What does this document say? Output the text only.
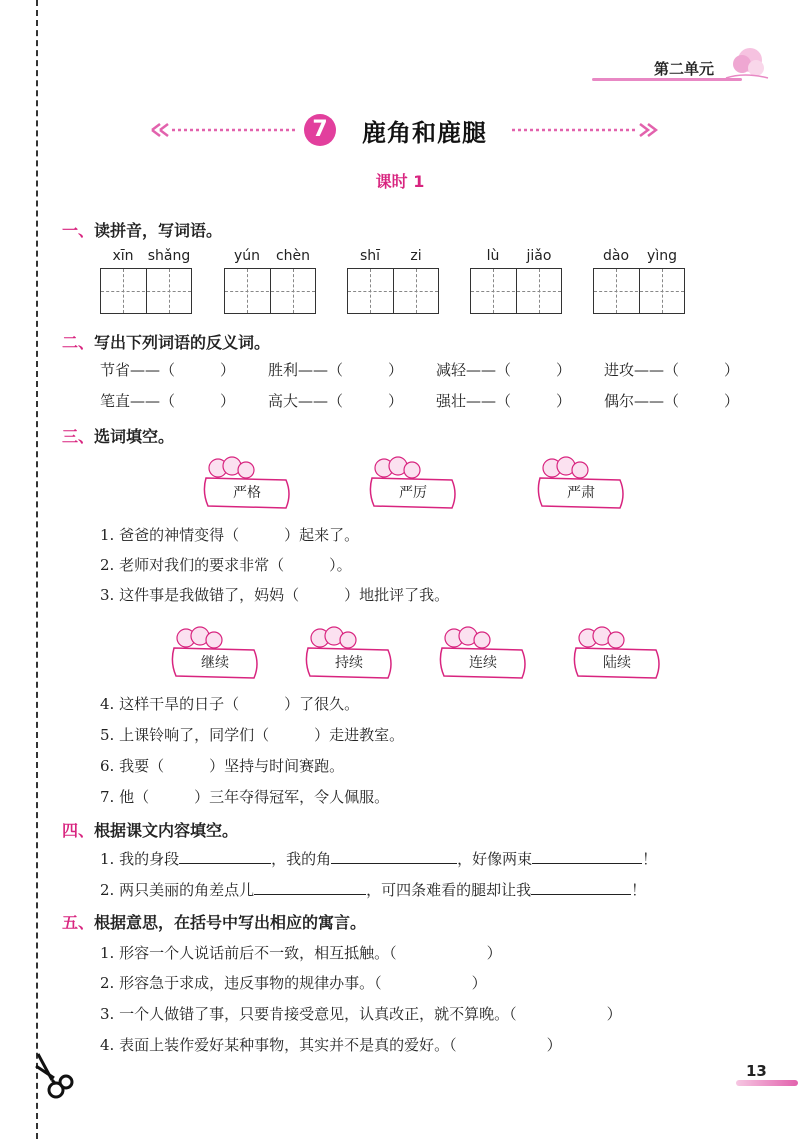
第二单元
7	鹿角和鹿腿
课时 1
一、读拼音，写词语。
xīn	shǎng	yún	chèn	shī	zi	lù	jiǎo	dào	yìng
二、写出下列词语的反义词。
节省——（　　　） 胜利——（　　　） 减轻——（　　　） 进攻——（　　　）
笔直——（　　　） 高大——（　　　） 强壮——（　　　） 偶尔——（　　　）
三、选词填空。
严格	严厉	严肃
1. 爸爸的神情变得（　　　）起来了。
2. 老师对我们的要求非常（　　　）。
3. 这件事是我做错了，妈妈（　　　）地批评了我。
继续	持续	连续	陆续
4. 这样干旱的日子（　　　）了很久。
5. 上课铃响了，同学们（　　　）走进教室。
6. 我要（　　　）坚持与时间赛跑。
7. 他（　　　）三年夺得冠军，令人佩服。
四、根据课文内容填空。
1. 我的身段	，我的角	，好像两束	！
2. 两只美丽的角差点儿	，可四条难看的腿却让我	！
五、根据意思，在括号中写出相应的寓言。
1. 形容一个人说话前后不一致，相互抵触。（　　　　　　）
2. 形容急于求成，违反事物的规律办事。（　　　　　　）
3. 一个人做错了事，只要肯接受意见，认真改正，就不算晚。（　　　　　　）
4. 表面上装作爱好某种事物，其实并不是真的爱好。（　　　　　　）
13
